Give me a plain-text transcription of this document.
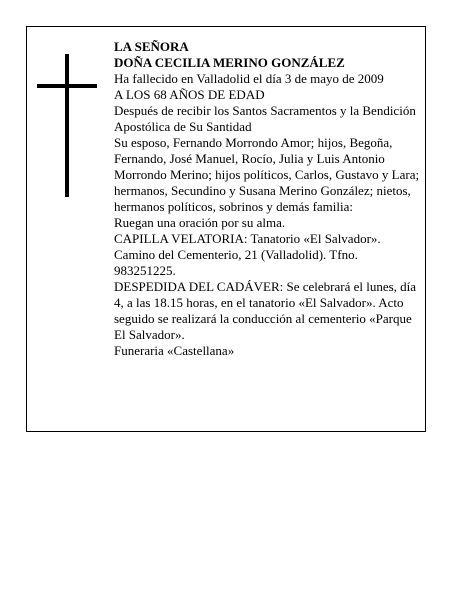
LA SEÑORA

DOÑA CECILIA MERINO GONZÁLEZ

Ha fallecido en Valladolid el día 3 de mayo de 2009

A LOS 68 AÑOS DE EDAD

Después de recibir los Santos Sacramentos y la Bendición Apostólica de Su Santidad

Su esposo, Fernando Morrondo Amor; hijos, Begoña, Fernando, José Manuel, Rocío, Julia y Luis Antonio Morrondo Merino; hijos políticos, Carlos, Gustavo y Lara; hermanos, Secundino y Susana Merino González; nietos, hermanos políticos, sobrinos y demás familia:

Ruegan una oración por su alma.

CAPILLA VELATORIA: Tanatorio «El Salvador». Camino del Cementerio, 21 (Valladolid). Tfno. 983251225.

DESPEDIDA DEL CADÁVER: Se celebrará el lunes, día 4, a las 18.15 horas, en el tanatorio «El Salvador». Acto seguido se realizará la conducción al cementerio «Parque El Salvador».

Funeraria «Castellana»
